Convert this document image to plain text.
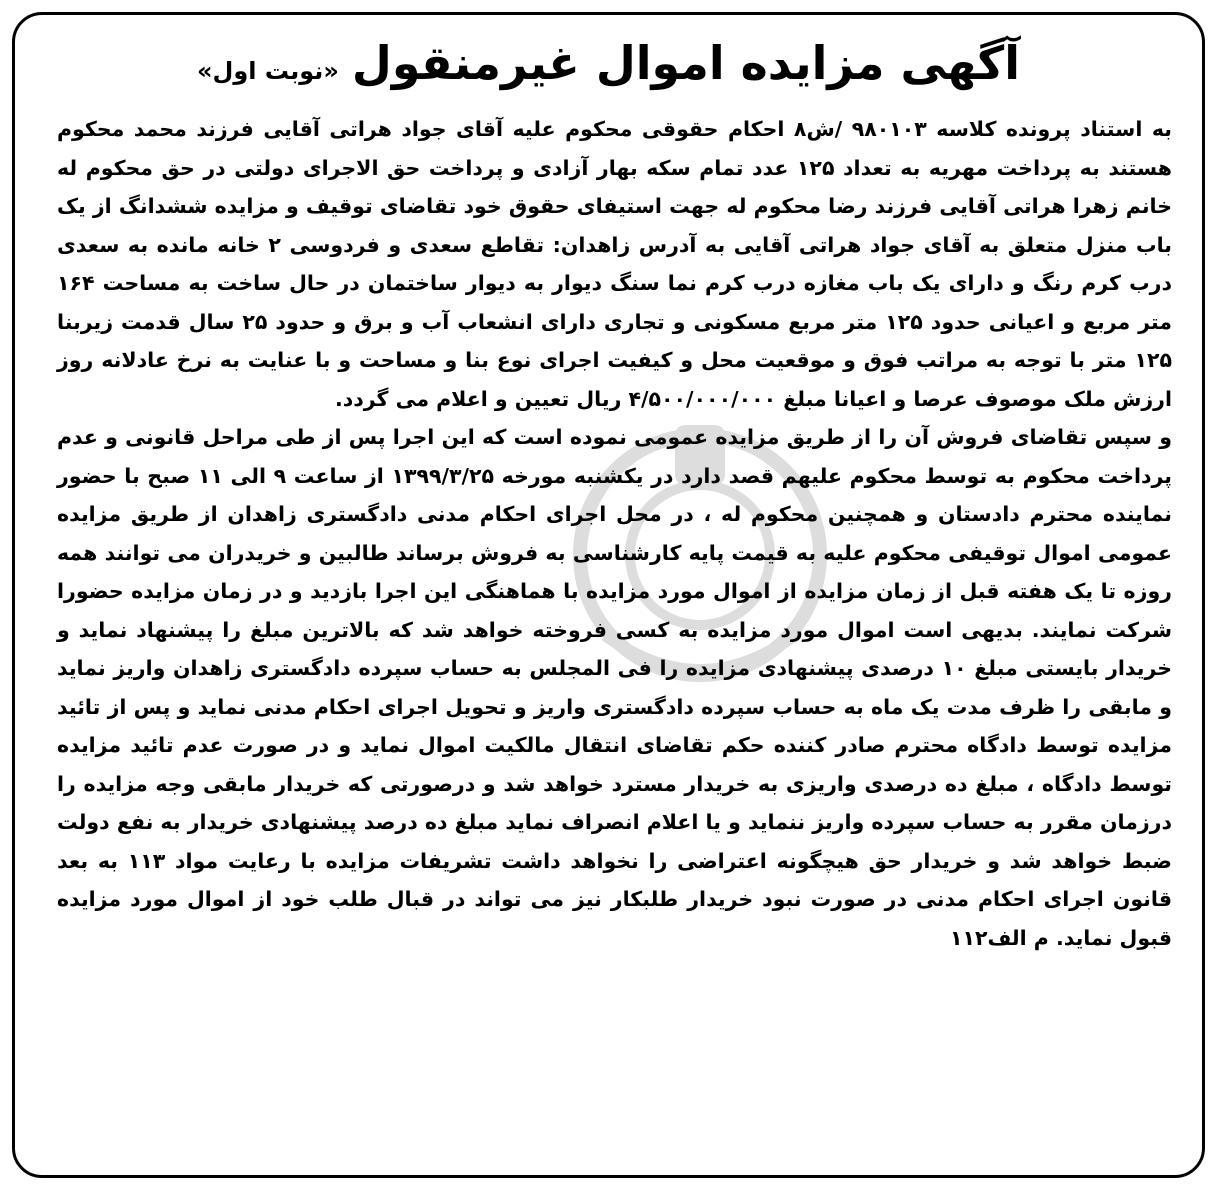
آگهی مزایده اموال غیرمنقول «نوبت اول»

به استناد پرونده کلاسه ۹۸۰۱۰۳ /ش۸ احکام حقوقی محکوم علیه آقای جواد هراتی آقایی فرزند محمد محکوم هستند به پرداخت مهریه به تعداد ۱۲۵ عدد تمام سکه بهار آزادی و پرداخت حق الاجرای دولتی در حق محکوم له خانم زهرا هراتی آقایی فرزند رضا محکوم له جهت استیفای حقوق خود تقاضای توقیف و مزایده ششدانگ از یک باب منزل متعلق به آقای جواد هراتی آقایی به آدرس زاهدان: تقاطع سعدی و فردوسی ۲ خانه مانده به سعدی درب کرم رنگ و دارای یک باب مغازه درب کرم نما سنگ دیوار به دیوار ساختمان در حال ساخت به مساحت ۱۶۴ متر مربع و اعیانی حدود ۱۲۵ متر مربع مسکونی و تجاری دارای انشعاب آب و برق و حدود ۲۵ سال قدمت زیربنا ۱۲۵ متر با توجه به مراتب فوق و موقعیت محل و کیفیت اجرای نوع بنا و مساحت و با عنایت به نرخ عادلانه روز ارزش ملک موصوف عرصا و اعیانا مبلغ ۴/۵۰۰/۰۰۰/۰۰۰ ریال تعیین و اعلام می گردد.

و سپس تقاضای فروش آن را از طریق مزایده عمومی نموده است که این اجرا پس از طی مراحل قانونی و عدم پرداخت محکوم به توسط محکوم علیهم قصد دارد در یکشنبه مورخه ۱۳۹۹/۳/۲۵ از ساعت ۹ الی ۱۱ صبح با حضور نماینده محترم دادستان و همچنین محکوم له ، در محل اجرای احکام مدنی دادگستری زاهدان از طریق مزایده عمومی اموال توقیفی محکوم علیه به قیمت پایه کارشناسی به فروش برساند طالبین و خریدران می توانند همه روزه تا یک هفته قبل از زمان مزایده از اموال مورد مزایده با هماهنگی این اجرا بازدید و در زمان مزایده حضورا شرکت نمایند. بدیهی است اموال مورد مزایده به کسی فروخته خواهد شد که بالاترین مبلغ را پیشنهاد نماید و خریدار بایستی مبلغ ۱۰ درصدی پیشنهادی مزایده را فی المجلس به حساب سپرده دادگستری زاهدان واریز نماید و مابقی را ظرف مدت یک ماه به حساب سپرده دادگستری واریز و تحویل اجرای احکام مدنی نماید و پس از تائید مزایده توسط دادگاه محترم صادر کننده حکم تقاضای انتقال مالکیت اموال نماید و در صورت عدم تائید مزایده توسط دادگاه ، مبلغ ده درصدی واریزی به خریدار مسترد خواهد شد و درصورتی که خریدار مابقی وجه مزایده را درزمان مقرر به حساب سپرده واریز ننماید و یا اعلام انصراف نماید مبلغ ده درصد پیشنهادی خریدار به نفع دولت ضبط خواهد شد و خریدار حق هیچگونه اعتراضی را نخواهد داشت تشریفات مزایده با رعایت مواد ۱۱۳ به بعد قانون اجرای احکام مدنی در صورت نبود خریدار طلبکار نیز می تواند در قبال طلب خود از اموال مورد مزایده قبول نماید. م الف۱۱۲
